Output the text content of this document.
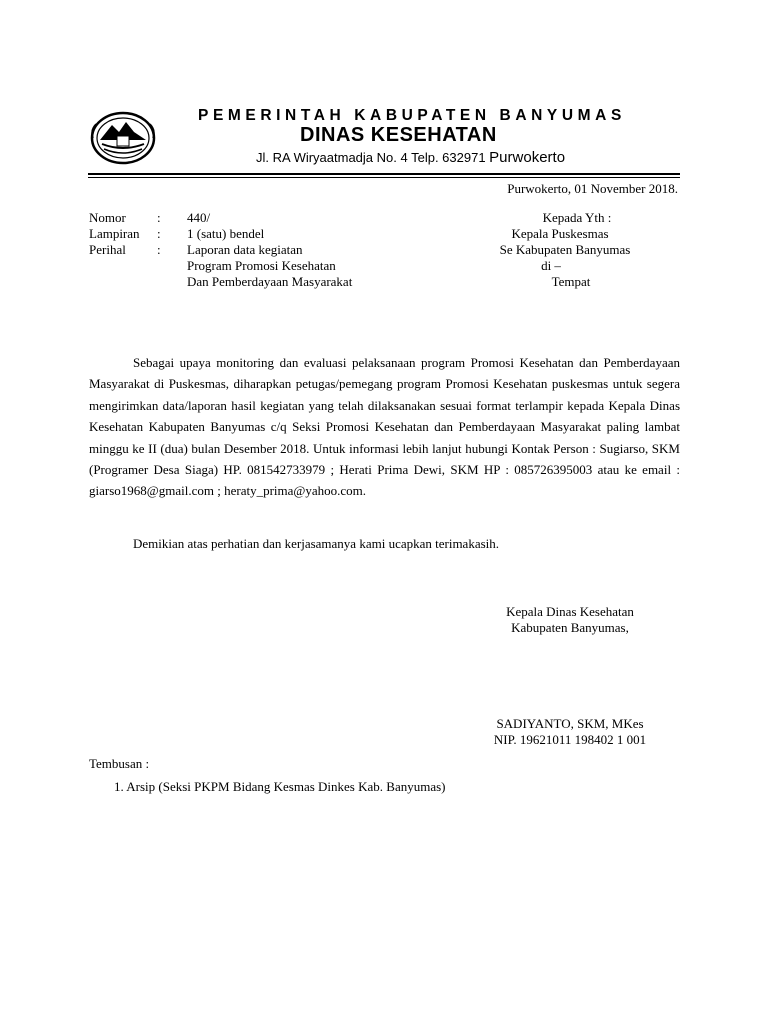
PEMERINTAH KABUPATEN BANYUMAS
DINAS KESEHATAN
Jl. RA Wiryaatmadja No. 4 Telp. 632971 Purwokerto
Purwokerto, 01 November 2018.
Nomor : 440/
Lampiran : 1 (satu) bendel
Perihal : Laporan data kegiatan
Program Promosi Kesehatan
Dan Pemberdayaan Masyarakat
Kepada Yth :
Kepala Puskesmas
Se Kabupaten Banyumas
di –
Tempat
Sebagai upaya monitoring dan evaluasi pelaksanaan program Promosi Kesehatan dan Pemberdayaan Masyarakat di Puskesmas, diharapkan petugas/pemegang program Promosi Kesehatan puskesmas untuk segera mengirimkan data/laporan hasil kegiatan yang telah dilaksanakan sesuai format terlampir kepada Kepala Dinas Kesehatan Kabupaten Banyumas c/q Seksi Promosi Kesehatan dan Pemberdayaan Masyarakat paling lambat minggu ke II (dua) bulan Desember 2018. Untuk informasi lebih lanjut hubungi Kontak Person : Sugiarso, SKM (Programer Desa Siaga) HP. 081542733979 ; Herati Prima Dewi, SKM HP : 085726395003 atau ke email : giarso1968@gmail.com ; heraty_prima@yahoo.com.
Demikian atas perhatian dan kerjasamanya kami ucapkan terimakasih.
Kepala Dinas Kesehatan
Kabupaten Banyumas,
SADIYANTO, SKM, MKes
NIP. 19621011 198402 1 001
Tembusan :
1. Arsip (Seksi PKPM Bidang Kesmas Dinkes Kab. Banyumas)
